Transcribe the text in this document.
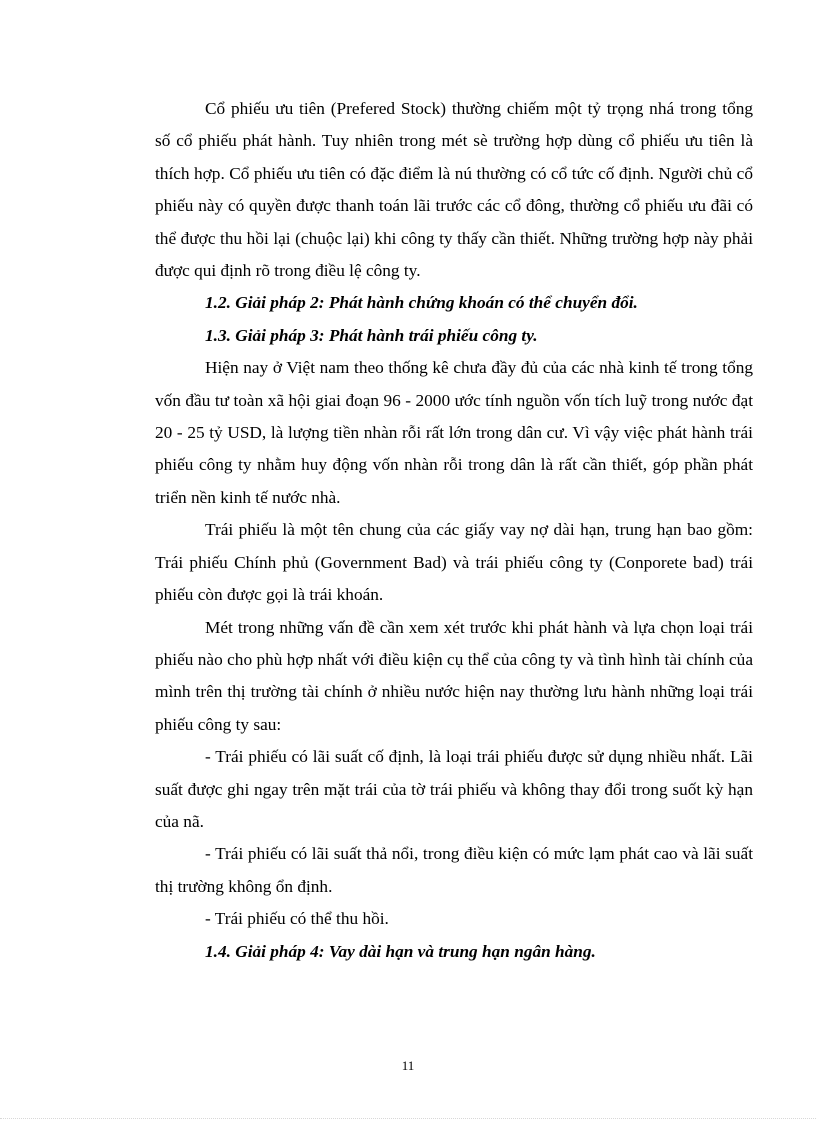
Cổ phiếu ưu tiên (Prefered Stock) thường chiếm một tỷ trọng nhá trong tổng số cổ phiếu phát hành. Tuy nhiên trong mét sè trường hợp dùng cổ phiếu ưu tiên là thích hợp. Cổ phiếu ưu tiên có đặc điểm là nú thường có cổ tức cố định. Người chủ cổ phiếu này có quyền được thanh toán lãi trước các cổ đông, thường cổ phiếu ưu đãi có thể được thu hồi lại (chuộc lại) khi công ty thấy cần thiết. Những trường hợp này phải được qui định rõ trong điều lệ công ty.

1.2. Giải pháp 2: Phát hành chứng khoán có thể chuyển đổi.

1.3. Giải pháp 3: Phát hành trái phiếu công ty.

Hiện nay ở Việt nam theo thống kê chưa đầy đủ của các nhà kinh tế trong tổng vốn đầu tư toàn xã hội giai đoạn 96 - 2000 ước tính nguồn vốn tích luỹ trong nước đạt 20 - 25 tỷ USD, là lượng tiền nhàn rỗi rất lớn trong dân cư. Vì vậy việc phát hành trái phiếu công ty nhằm huy động vốn nhàn rỗi trong dân là rất cần thiết, góp phần phát triển nền kinh tế nước nhà.

Trái phiếu là một tên chung của các giấy vay nợ dài hạn, trung hạn bao gồm: Trái phiếu Chính phủ (Government Bad) và trái phiếu công ty (Conporete bad) trái phiếu còn được gọi là trái khoán.

Mét trong những vấn đề cần xem xét trước khi phát hành và lựa chọn loại trái phiếu nào cho phù hợp nhất với điều kiện cụ thể của công ty và tình hình tài chính của mình trên thị trường tài chính ở nhiều nước hiện nay thường lưu hành những loại trái phiếu công ty sau:

- Trái phiếu có lãi suất cố định, là loại trái phiếu được sử dụng nhiều nhất. Lãi suất được ghi ngay trên mặt trái của tờ trái phiếu và không thay đổi trong suốt kỳ hạn của nã.

- Trái phiếu có lãi suất thả nổi, trong điều kiện có mức lạm phát cao và lãi suất thị trường không ổn định.

- Trái phiếu có thể thu hồi.

1.4. Giải pháp 4: Vay dài hạn và trung hạn ngân hàng.

11
